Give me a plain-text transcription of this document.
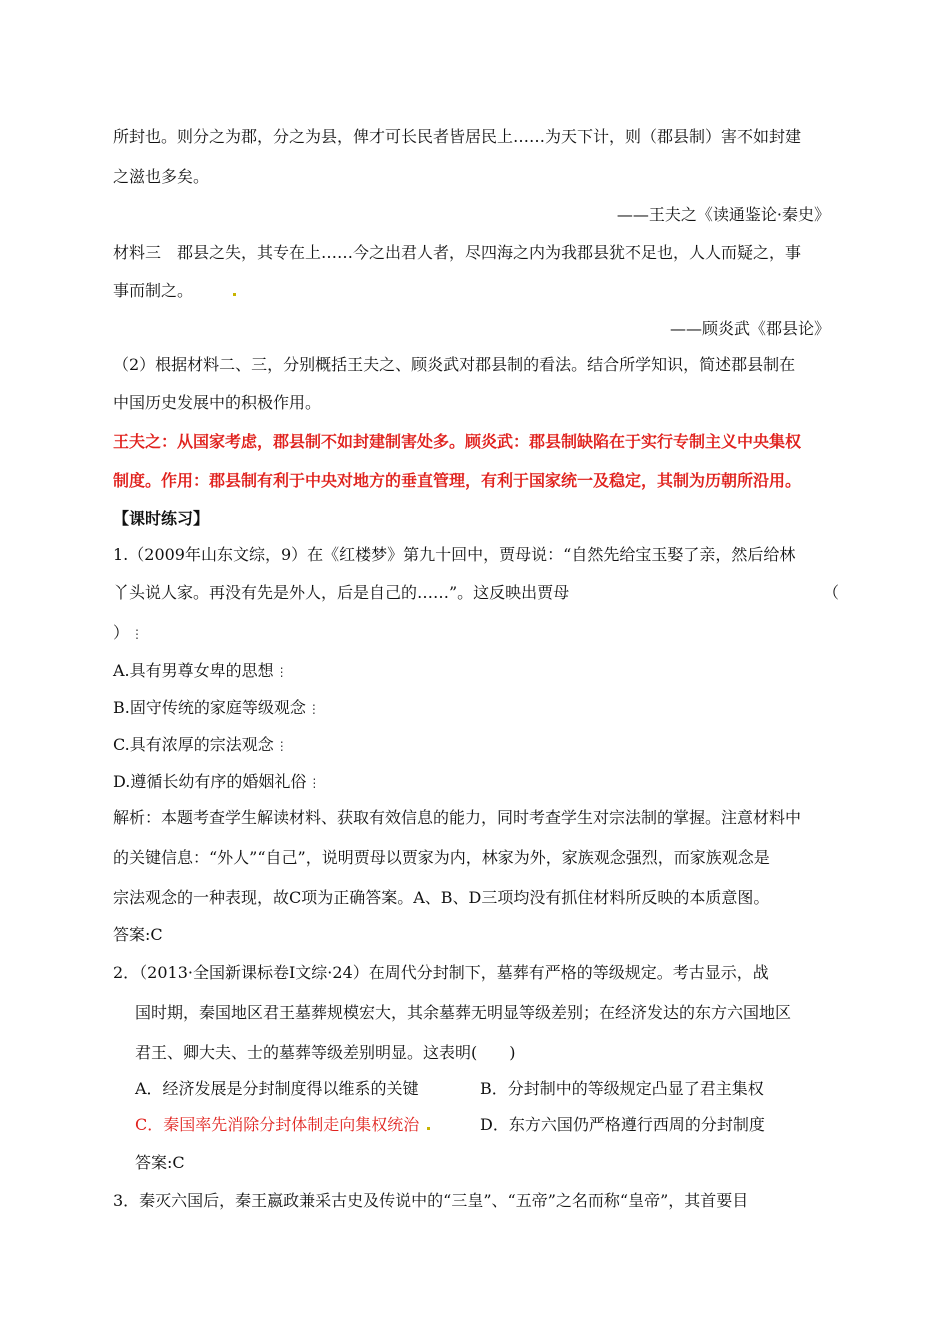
所封也。则分之为郡，分之为县，俾才可长民者皆居民上……为天下计，则（郡县制）害不如封建
之滋也多矣。
——王夫之《读通鉴论·秦史》
材料三　郡县之失，其专在上……今之出君人者，尽四海之内为我郡县犹不足也，人人而疑之，事
事而制之。
——顾炎武《郡县论》
（2）根据材料二、三，分别概括王夫之、顾炎武对郡县制的看法。结合所学知识，简述郡县制在
中国历史发展中的积极作用。
王夫之：从国家考虑，郡县制不如封建制害处多。顾炎武：郡县制缺陷在于实行专制主义中央集权
制度。作用：郡县制有利于中央对地方的垂直管理，有利于国家统一及稳定，其制为历朝所沿用。
【课时练习】
1.（2009年山东文综，9）在《红楼梦》第九十回中，贾母说：“自然先给宝玉娶了亲，然后给林
丫头说人家。再没有先是外人，后是自己的……”。这反映出贾母	（
） ⋮
A.具有男尊女卑的思想 ⋮
B.固守传统的家庭等级观念 ⋮
C.具有浓厚的宗法观念 ⋮
D.遵循长幼有序的婚姻礼俗 ⋮
解析：本题考查学生解读材料、获取有效信息的能力，同时考查学生对宗法制的掌握。注意材料中
的关键信息：“外人”“自己”，说明贾母以贾家为内，林家为外，家族观念强烈，而家族观念是
宗法观念的一种表现，故C项为正确答案。A、B、D三项均没有抓住材料所反映的本质意图。
答案:C
2．（2013·全国新课标卷Ⅰ文综·24）在周代分封制下，墓葬有严格的等级规定。考古显示，战
国时期，秦国地区君王墓葬规模宏大，其余墓葬无明显等级差别；在经济发达的东方六国地区
君王、卿大夫、士的墓葬等级差别明显。这表明(　　)
A．经济发展是分封制度得以维系的关键	B．分封制中的等级规定凸显了君主集权
C．秦国率先消除分封体制走向集权统治	D．东方六国仍严格遵行西周的分封制度
答案:C
3．秦灭六国后，秦王嬴政兼采古史及传说中的“三皇”、“五帝”之名而称“皇帝”，其首要目
